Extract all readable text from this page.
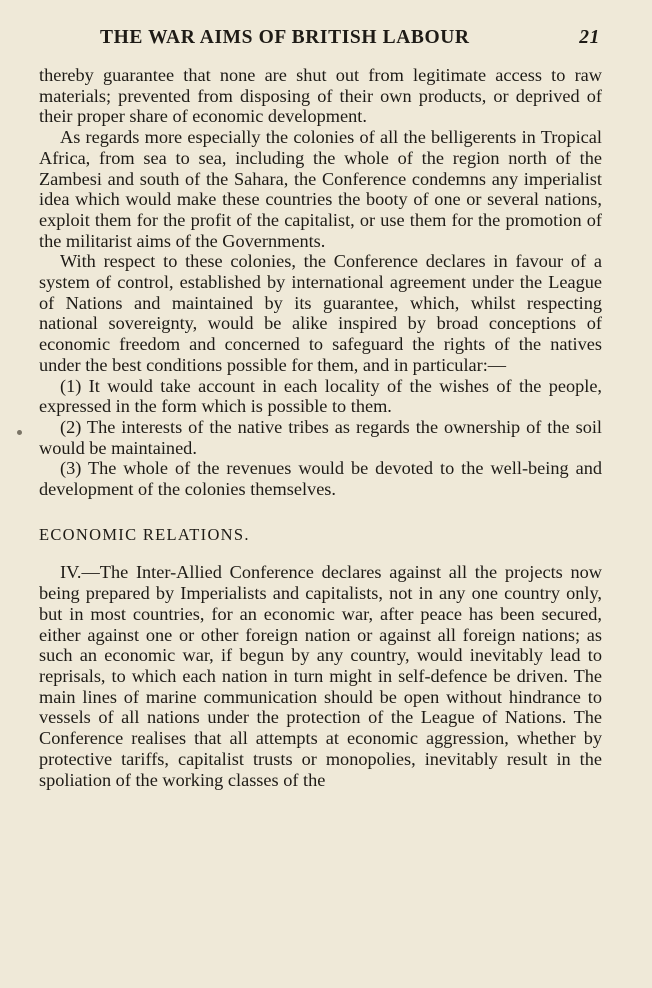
THE WAR AIMS OF BRITISH LABOUR	21

thereby guarantee that none are shut out from legitimate access to raw materials; prevented from disposing of their own products, or deprived of their proper share of economic development.

As regards more especially the colonies of all the belligerents in Tropical Africa, from sea to sea, including the whole of the region north of the Zambesi and south of the Sahara, the Conference condemns any imperialist idea which would make these countries the booty of one or several nations, exploit them for the profit of the capitalist, or use them for the promotion of the militarist aims of the Governments.

With respect to these colonies, the Conference declares in favour of a system of control, established by international agreement under the League of Nations and maintained by its guarantee, which, whilst respecting national sovereignty, would be alike inspired by broad conceptions of economic freedom and concerned to safeguard the rights of the natives under the best conditions possible for them, and in particular:—

(1) It would take account in each locality of the wishes of the people, expressed in the form which is possible to them.

(2) The interests of the native tribes as regards the ownership of the soil would be maintained.

(3) The whole of the revenues would be devoted to the well-being and development of the colonies themselves.

ECONOMIC RELATIONS.

IV.—The Inter-Allied Conference declares against all the projects now being prepared by Imperialists and capitalists, not in any one country only, but in most countries, for an economic war, after peace has been secured, either against one or other foreign nation or against all foreign nations; as such an economic war, if begun by any country, would inevitably lead to reprisals, to which each nation in turn might in self-defence be driven. The main lines of marine communication should be open without hindrance to vessels of all nations under the protection of the League of Nations. The Conference realises that all attempts at economic aggression, whether by protective tariffs, capitalist trusts or monopolies, inevitably result in the spoliation of the working classes of the
